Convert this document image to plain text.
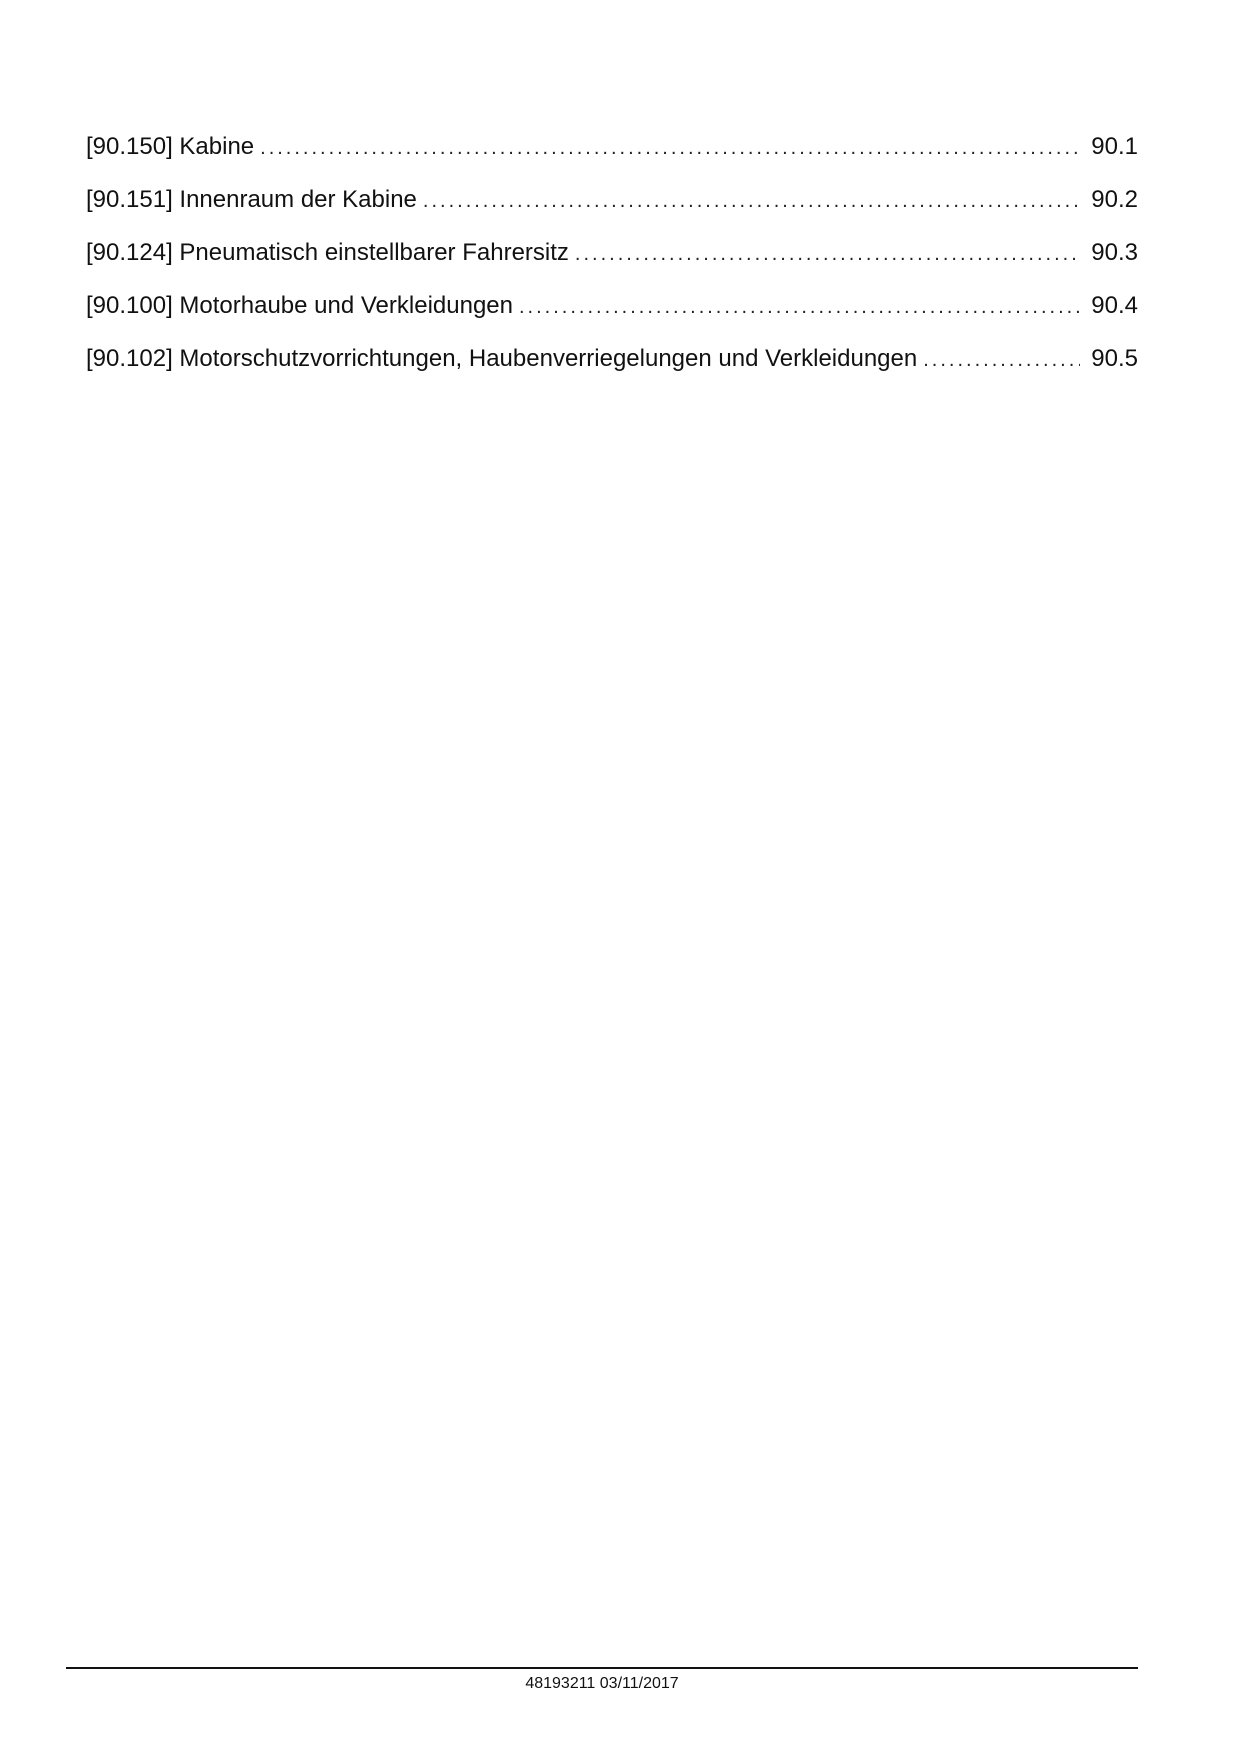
[90.150] Kabine .....	90.1
[90.151] Innenraum der Kabine .....	90.2
[90.124] Pneumatisch einstellbarer Fahrersitz .....	90.3
[90.100] Motorhaube und Verkleidungen .....	90.4
[90.102] Motorschutzvorrichtungen, Haubenverriegelungen und Verkleidungen .....	90.5
48193211 03/11/2017
